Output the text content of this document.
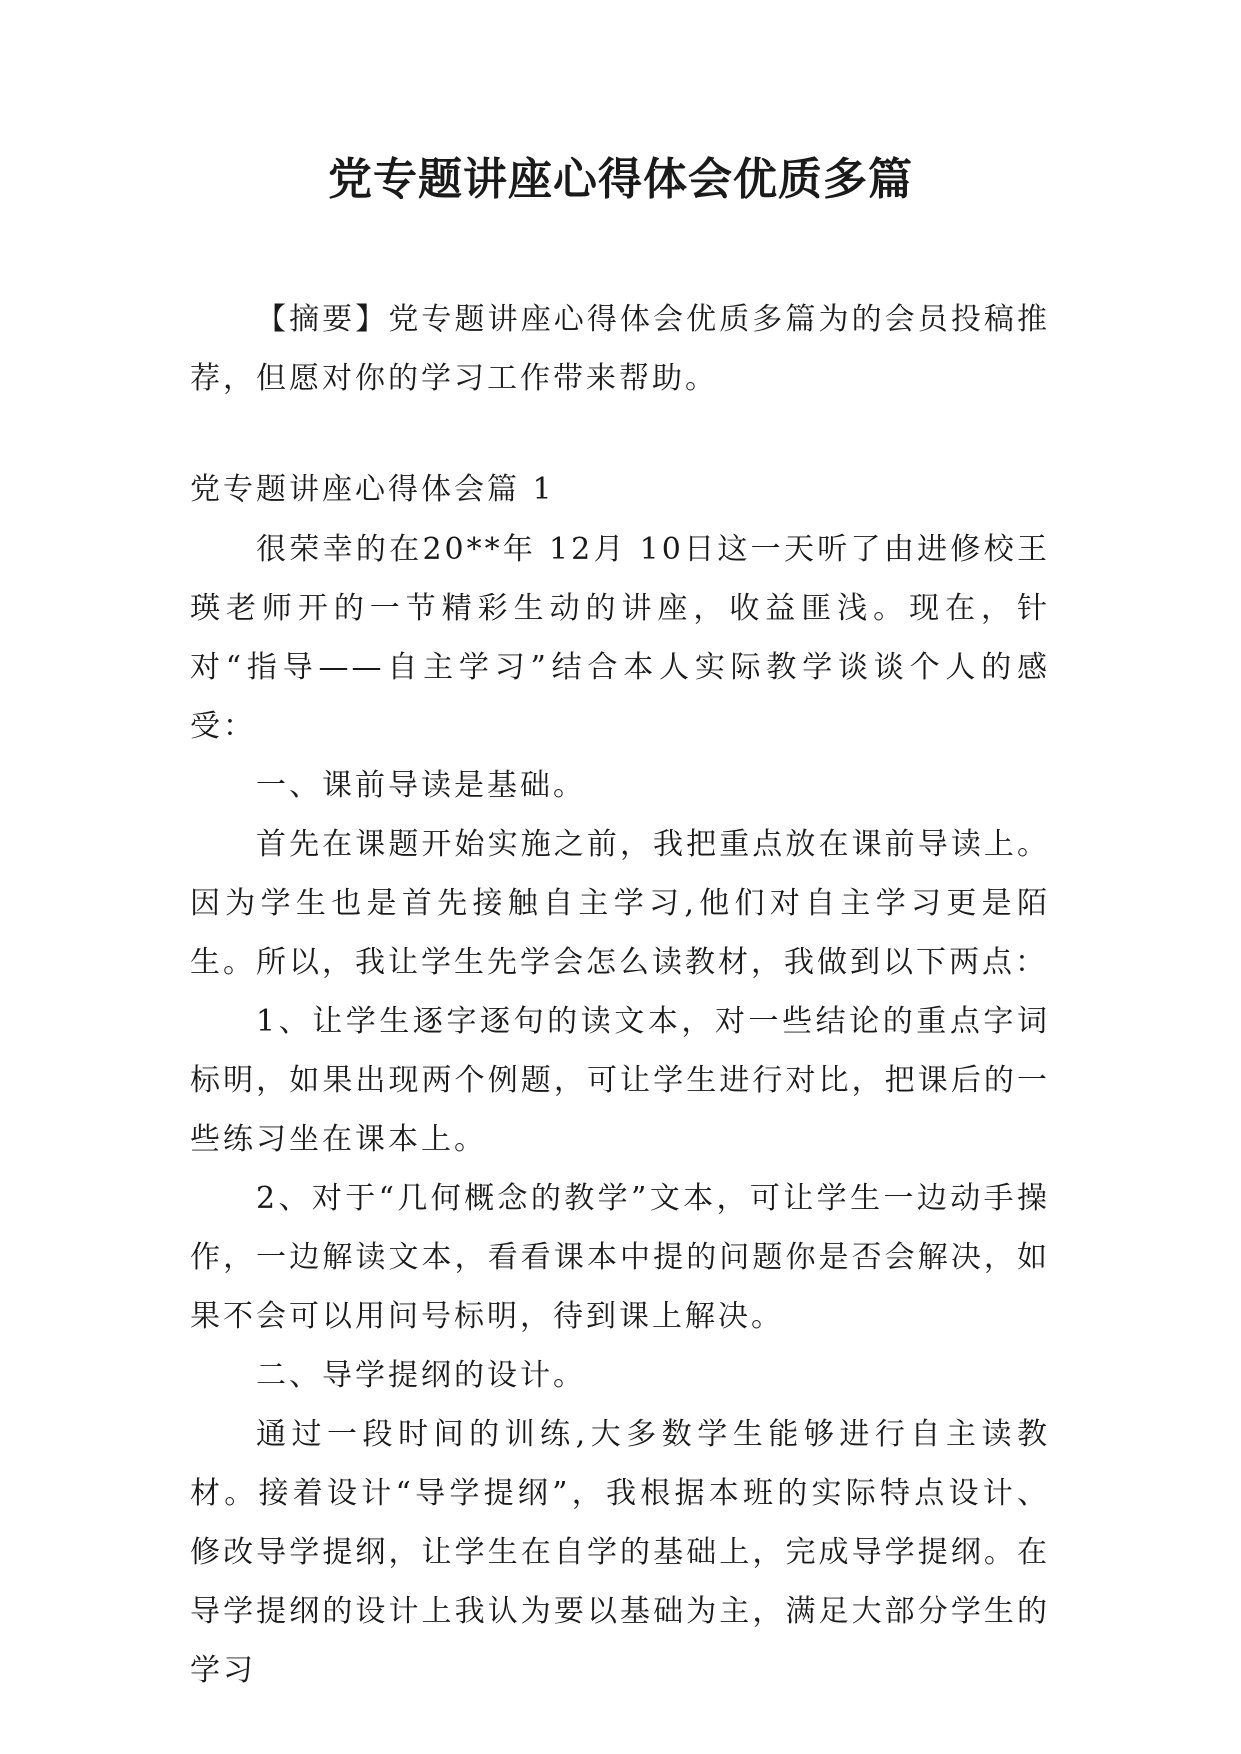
党专题讲座心得体会优质多篇

【摘要】党专题讲座心得体会优质多篇为的会员投稿推荐，但愿对你的学习工作带来帮助。

党专题讲座心得体会篇 1

很荣幸的在20**年 12月 10日这一天听了由进修校王瑛老师开的一节精彩生动的讲座，收益匪浅。现在，针对“指导——自主学习”结合本人实际教学谈谈个人的感受：

一、课前导读是基础。

首先在课题开始实施之前，我把重点放在课前导读上。因为学生也是首先接触自主学习,他们对自主学习更是陌生。所以，我让学生先学会怎么读教材，我做到以下两点：

1、让学生逐字逐句的读文本，对一些结论的重点字词标明，如果出现两个例题，可让学生进行对比，把课后的一些练习坐在课本上。

2、对于“几何概念的教学”文本，可让学生一边动手操作，一边解读文本，看看课本中提的问题你是否会解决，如果不会可以用问号标明，待到课上解决。

二、导学提纲的设计。

通过一段时间的训练,大多数学生能够进行自主读教材。接着设计“导学提纲”，我根据本班的实际特点设计、修改导学提纲，让学生在自学的基础上，完成导学提纲。在导学提纲的设计上我认为要以基础为主，满足大部分学生的学习
